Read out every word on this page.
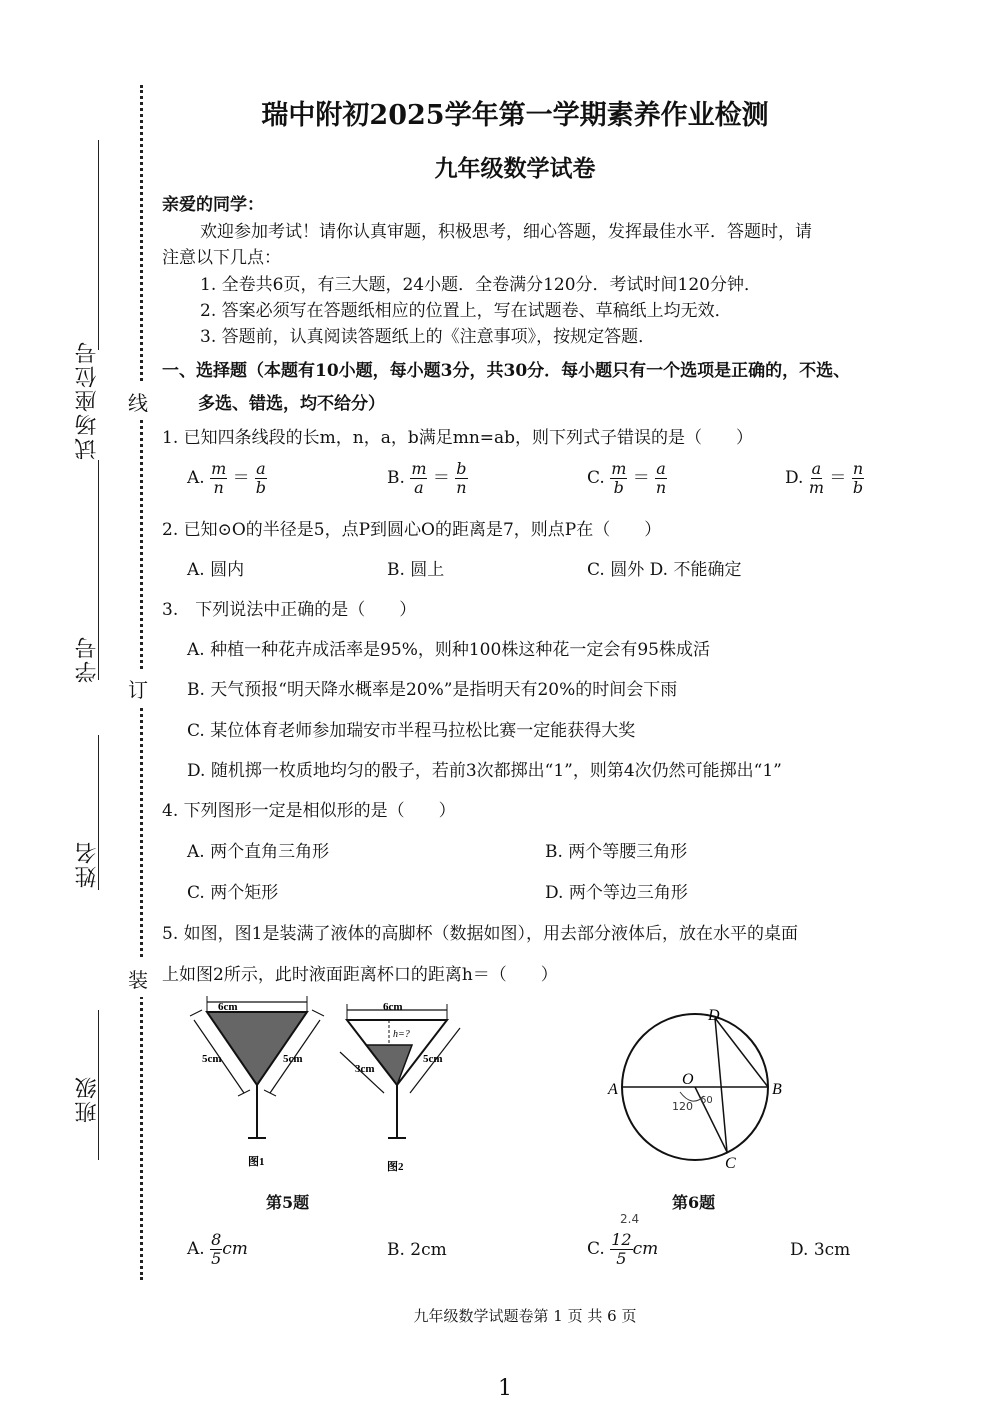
班级
姓名
学号
试场座位号 线
订
装
瑞中附初2025学年第一学期素养作业检测
九年级数学试卷
亲爱的同学：
欢迎参加考试！请你认真审题，积极思考，细心答题，发挥最佳水平．答题时，请
注意以下几点：
1. 全卷共6页，有三大题，24小题．全卷满分120分．考试时间120分钟．
2. 答案必须写在答题纸相应的位置上，写在试题卷、草稿纸上均无效．
3. 答题前，认真阅读答题纸上的《注意事项》，按规定答题．
一、选择题（本题有10小题，每小题3分，共30分．每小题只有一个选项是正确的，不选、
多选、错选，均不给分）
1. 已知四条线段的长m，n，a，b满足mn=ab，则下列式子错误的是（　　）
A. $\frac{m}{n} = \frac{a}{b}$	B. $\frac{m}{a} = \frac{b}{n}$	C. $\frac{m}{b} = \frac{a}{n}$	D. $\frac{a}{m} = \frac{n}{b}$
2. 已知⊙O的半径是5，点P到圆心O的距离是7，则点P在（　　）
A. 圆内	B. 圆上	C. 圆外 D. 不能确定
3.　下列说法中正确的是（　　）
A. 种植一种花卉成活率是95%，则种100株这种花一定会有95株成活
B. 天气预报“明天降水概率是20%”是指明天有20%的时间会下雨
C. 某位体育老师参加瑞安市半程马拉松比赛一定能获得大奖
D. 随机掷一枚质地均匀的骰子，若前3次都掷出“1”，则第4次仍然可能掷出“1”
4. 下列图形一定是相似形的是（　　）
A. 两个直角三角形	B. 两个等腰三角形
C. 两个矩形	D. 两个等边三角形
5. 如图，图1是装满了液体的高脚杯（数据如图），用去部分液体后，放在水平的桌面
上如图2所示，此时液面距离杯口的距离h＝（　　）
6cm
5cm	5cm
图2
图1
6cm
h=?
3cm
5cm
A	B
C
D
O
120 60
第5题	第6题
A. $\frac{8}{5}$ cm	B. 2cm
2.4
C. $\frac{12}{5}$ cm	D. 3cm
九年级数学试题卷第 1 页 共 6 页
1
